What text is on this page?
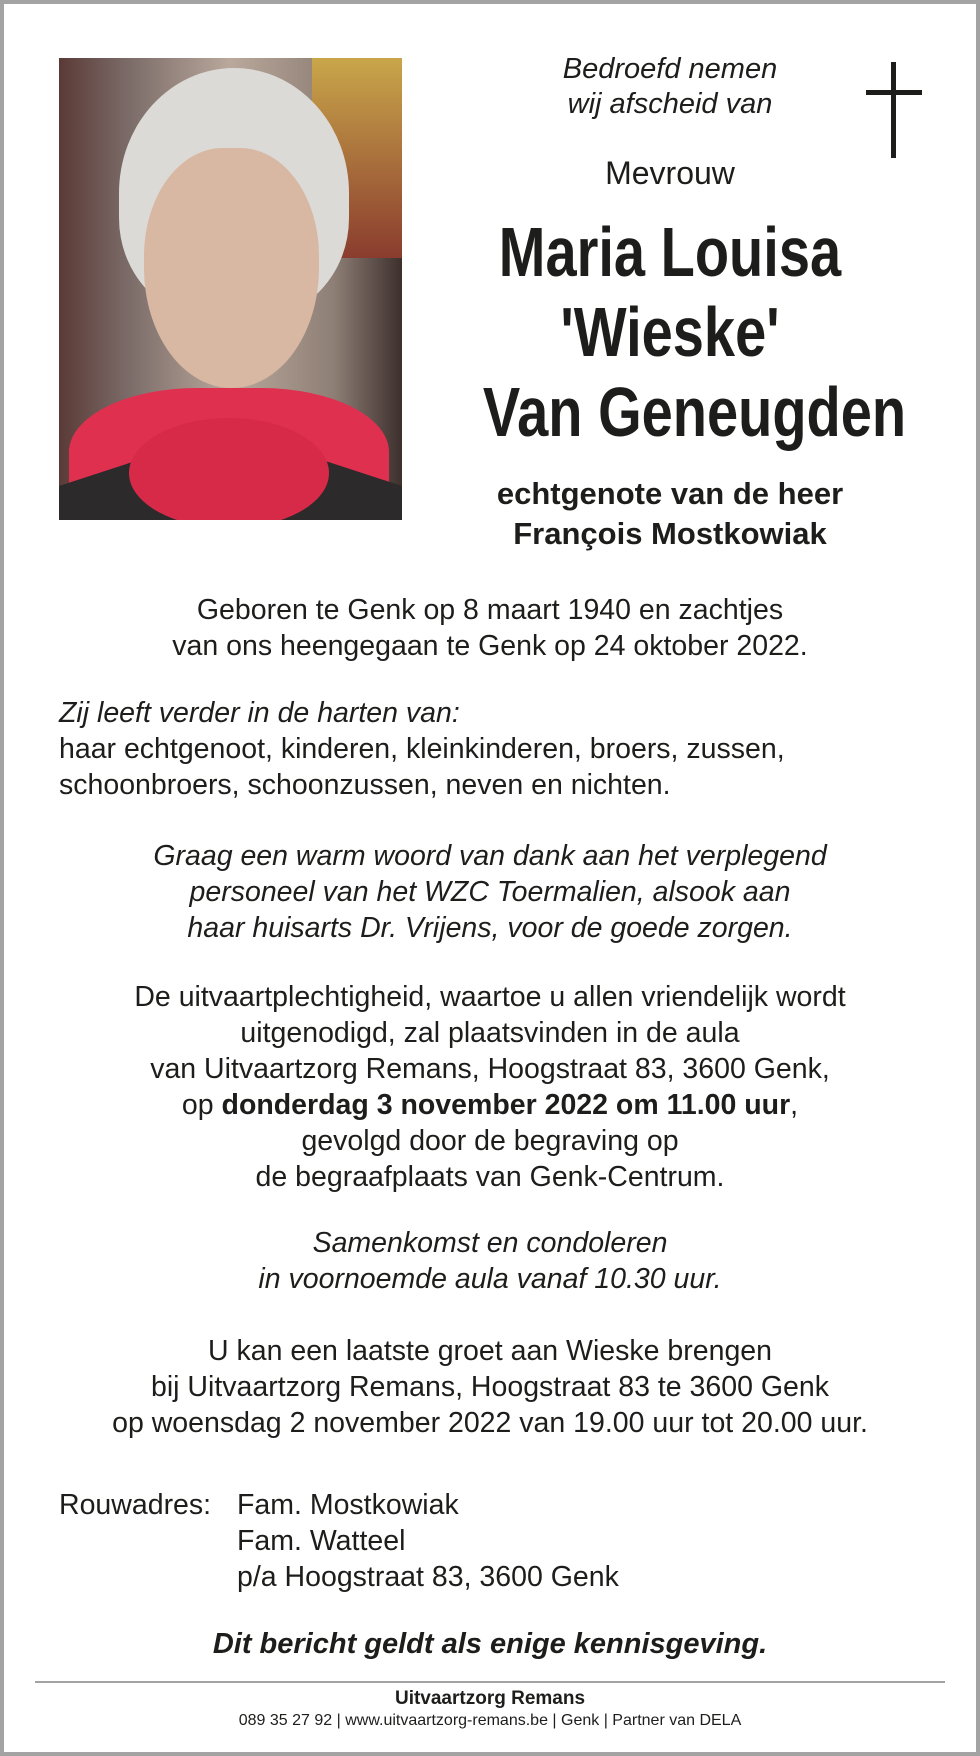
Bedroefd nemen
wij afscheid van
Mevrouw
Maria Louisa
'Wieske'
Van Geneugden
echtgenote van de heer
François Mostkowiak
Geboren te Genk op 8 maart 1940 en zachtjes
van ons heengegaan te Genk op 24 oktober 2022.
Zij leeft verder in de harten van:
haar echtgenoot, kinderen, kleinkinderen, broers, zussen,
schoonbroers, schoonzussen, neven en nichten.
Graag een warm woord van dank aan het verplegend
personeel van het WZC Toermalien, alsook aan
haar huisarts Dr. Vrijens, voor de goede zorgen.
De uitvaartplechtigheid, waartoe u allen vriendelijk wordt
uitgenodigd, zal plaatsvinden in de aula
van Uitvaartzorg Remans, Hoogstraat 83, 3600 Genk,
op donderdag 3 november 2022 om 11.00 uur,
gevolgd door de begraving op
de begraafplaats van Genk-Centrum.
Samenkomst en condoleren
in voornoemde aula vanaf 10.30 uur.
U kan een laatste groet aan Wieske brengen
bij Uitvaartzorg Remans, Hoogstraat 83 te 3600 Genk
op woensdag 2 november 2022 van 19.00 uur tot 20.00 uur.
Rouwadres: Fam. Mostkowiak
Fam. Watteel
p/a Hoogstraat 83, 3600 Genk
Dit bericht geldt als enige kennisgeving.
Uitvaartzorg Remans
089 35 27 92 | www.uitvaartzorg-remans.be | Genk | Partner van DELA
